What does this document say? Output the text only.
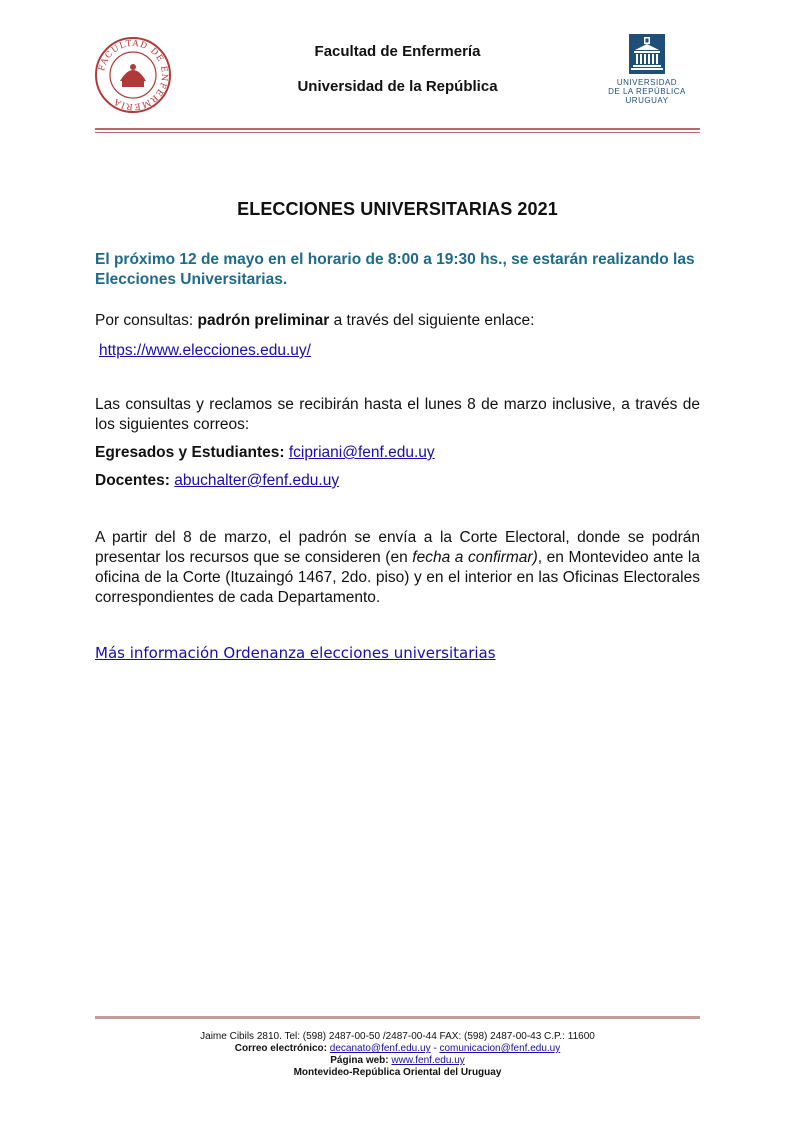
FACULTAD DE ENFERMERIA
Facultad de Enfermería
Universidad de la República	UNIVERSIDAD
DE LA REPÚBLICA
URUGUAY
ELECCIONES UNIVERSITARIAS 2021
El próximo 12 de mayo en el horario de 8:00 a 19:30 hs., se estarán realizando las Elecciones Universitarias.
Por consultas: padrón preliminar a través del siguiente enlace:
https://www.elecciones.edu.uy/
Las consultas y reclamos se recibirán hasta el lunes 8 de marzo inclusive, a través de los siguientes correos:
Egresados y Estudiantes: fcipriani@fenf.edu.uy
Docentes: abuchalter@fenf.edu.uy
A partir del 8 de marzo, el padrón se envía a la Corte Electoral, donde se podrán presentar los recursos que se consideren (en fecha a confirmar), en Montevideo ante la oficina de la Corte (Ituzaingó 1467, 2do. piso) y en el interior en las Oficinas Electorales correspondientes de cada Departamento.
Más información Ordenanza elecciones universitarias
Jaime Cibils 2810. Tel: (598) 2487-00-50 /2487-00-44 FAX: (598) 2487-00-43 C.P.: 11600
Correo electrónico: decanato@fenf.edu.uy - comunicacion@fenf.edu.uy
Página web: www.fenf.edu.uy
Montevideo-República Oriental del Uruguay
